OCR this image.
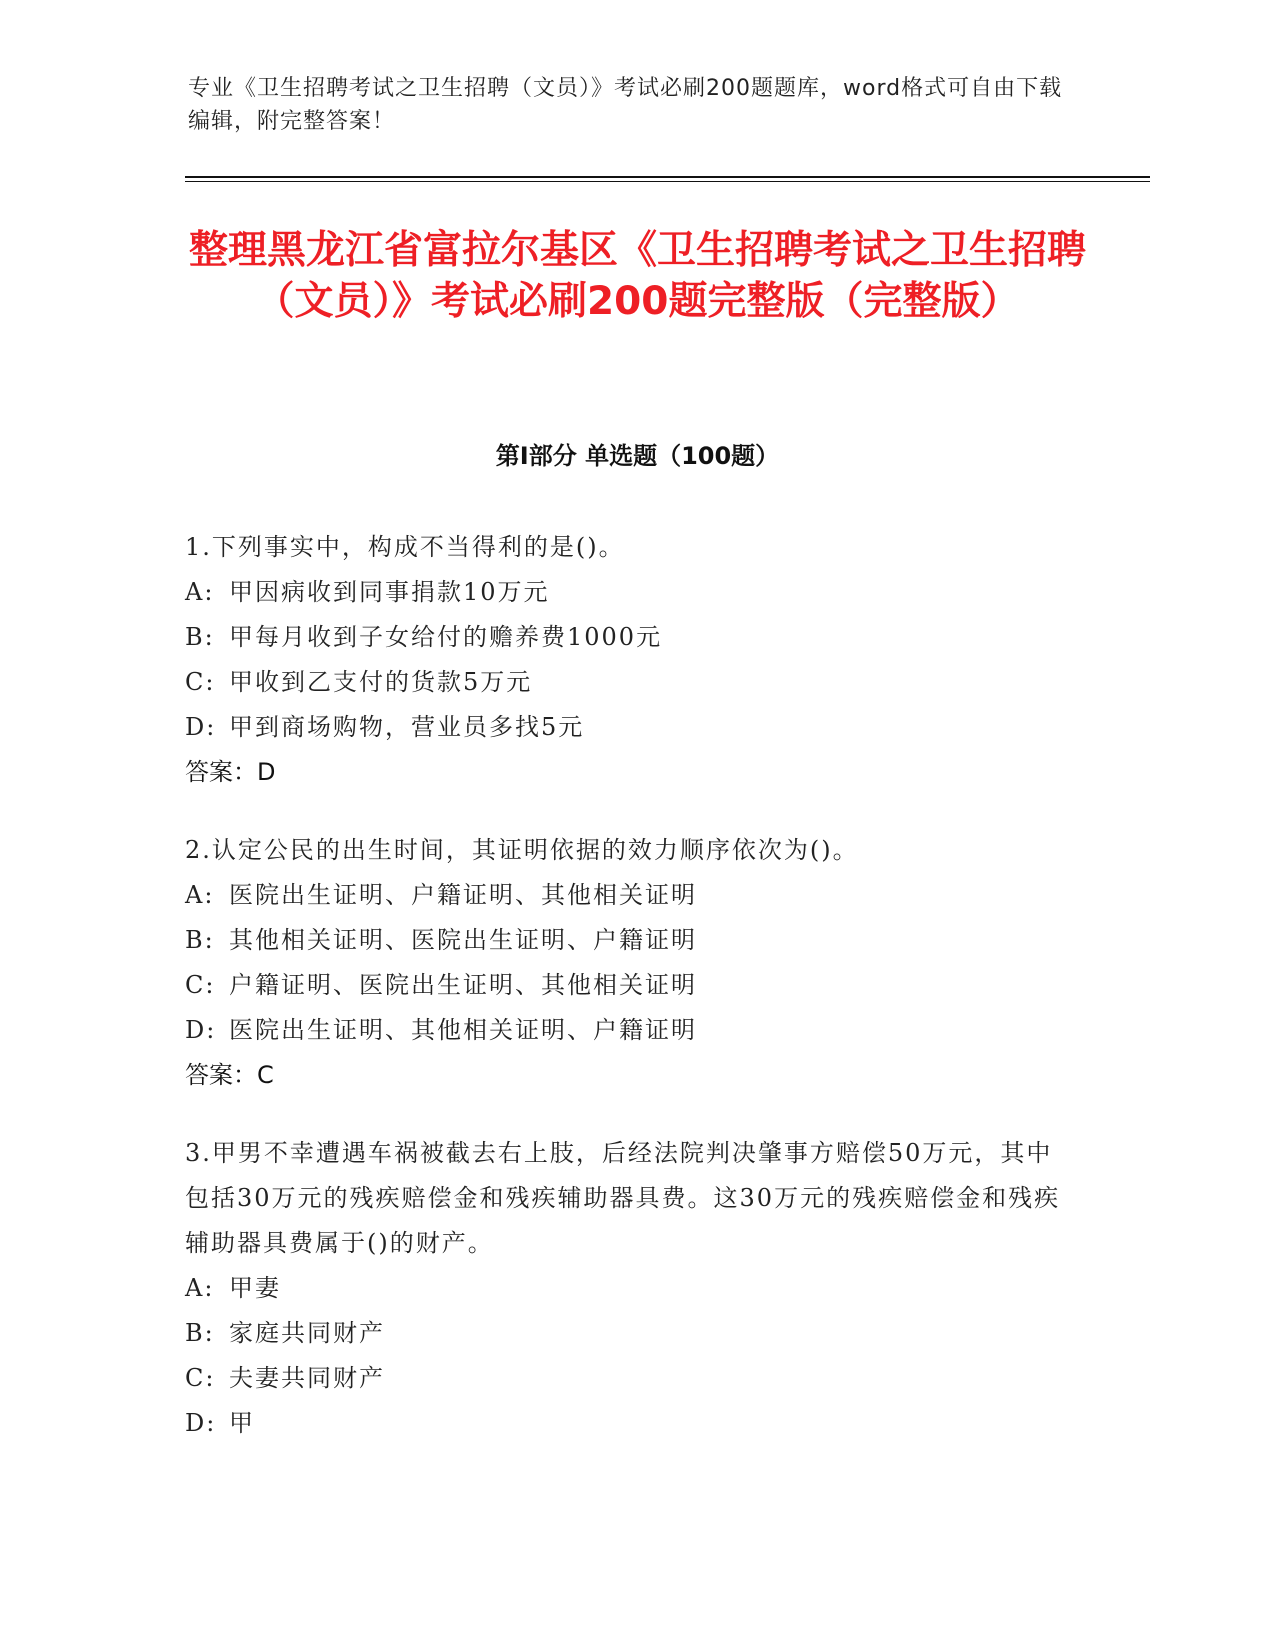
专业《卫生招聘考试之卫生招聘（文员）》考试必刷200题题库，word格式可自由下载编辑，附完整答案！
整理黑龙江省富拉尔基区《卫生招聘考试之卫生招聘（文员）》考试必刷200题完整版（完整版）
第Ⅰ部分 单选题（100题）
1.下列事实中，构成不当得利的是()。
A: 甲因病收到同事捐款10万元
B: 甲每月收到子女给付的赡养费1000元
C: 甲收到乙支付的货款5万元
D: 甲到商场购物，营业员多找5元
答案：D
2.认定公民的出生时间，其证明依据的效力顺序依次为()。
A: 医院出生证明、户籍证明、其他相关证明
B: 其他相关证明、医院出生证明、户籍证明
C: 户籍证明、医院出生证明、其他相关证明
D: 医院出生证明、其他相关证明、户籍证明
答案：C
3.甲男不幸遭遇车祸被截去右上肢，后经法院判决肇事方赔偿50万元，其中包括30万元的残疾赔偿金和残疾辅助器具费。这30万元的残疾赔偿金和残疾辅助器具费属于()的财产。
A: 甲妻
B: 家庭共同财产
C: 夫妻共同财产
D: 甲
